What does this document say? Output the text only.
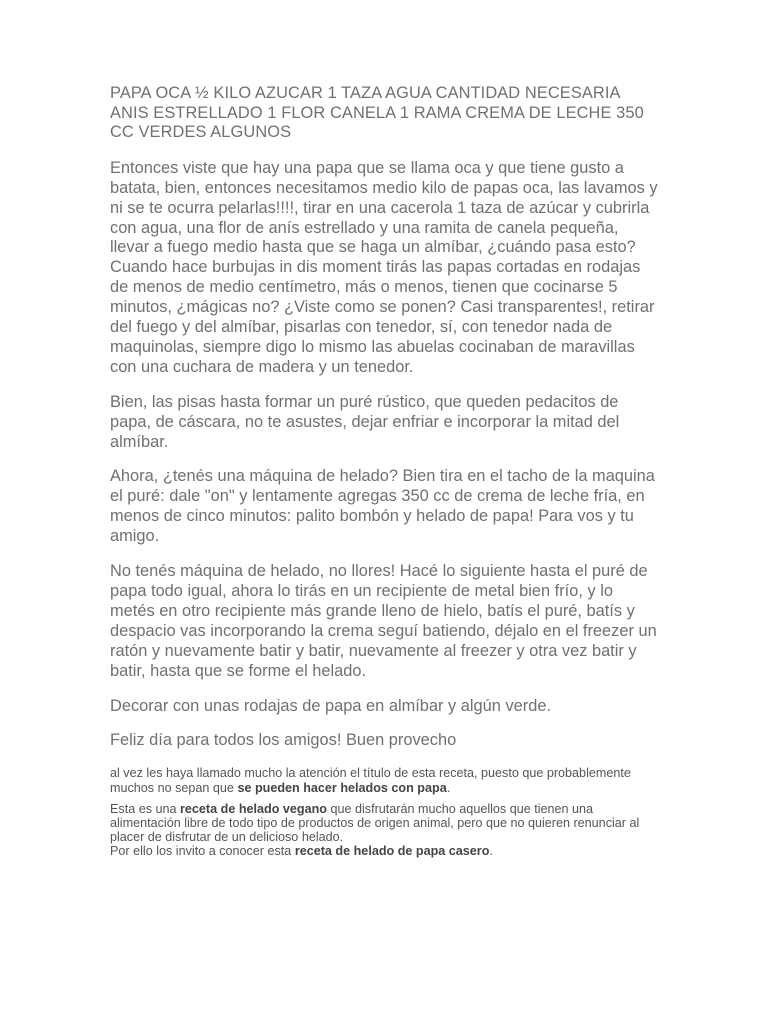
PAPA OCA ½ KILO AZUCAR 1 TAZA AGUA CANTIDAD NECESARIA ANIS ESTRELLADO 1 FLOR CANELA 1 RAMA CREMA DE LECHE 350 CC VERDES ALGUNOS

Entonces viste que hay una papa que se llama oca y que tiene gusto a batata, bien, entonces necesitamos medio kilo de papas oca, las lavamos y ni se te ocurra pelarlas!!!!, tirar en una cacerola 1 taza de azúcar y cubrirla con agua, una flor de anís estrellado y una ramita de canela pequeña, llevar a fuego medio hasta que se haga un almíbar, ¿cuándo pasa esto? Cuando hace burbujas in dis moment tirás las papas cortadas en rodajas de menos de medio centímetro, más o menos, tienen que cocinarse 5 minutos, ¿mágicas no? ¿Viste como se ponen? Casi transparentes!, retirar del fuego y del almíbar, pisarlas con tenedor, sí, con tenedor nada de maquinolas, siempre digo lo mismo las abuelas cocinaban de maravillas con una cuchara de madera y un tenedor.

Bien, las pisas hasta formar un puré rústico, que queden pedacitos de papa, de cáscara, no te asustes, dejar enfriar e incorporar la mitad del almíbar.

Ahora, ¿tenés una máquina de helado? Bien tira en el tacho de la maquina el puré: dale "on" y lentamente agregas 350 cc de crema de leche fría, en menos de cinco minutos: palito bombón y helado de papa! Para vos y tu amigo.

No tenés máquina de helado, no llores! Hacé lo siguiente hasta el puré de papa todo igual, ahora lo tirás en un recipiente de metal bien frío, y lo metés en otro recipiente más grande lleno de hielo, batís el puré, batís y despacio vas incorporando la crema seguí batiendo, déjalo en el freezer un ratón y nuevamente batir y batir, nuevamente al freezer y otra vez batir y batir, hasta que se forme el helado.

Decorar con unas rodajas de papa en almíbar y algún verde.

Feliz día para todos los amigos! Buen provecho

al vez les haya llamado mucho la atención el título de esta receta, puesto que probablemente muchos no sepan que se pueden hacer helados con papa.

Esta es una receta de helado vegano que disfrutarán mucho aquellos que tienen una alimentación libre de todo tipo de productos de origen animal, pero que no quieren renunciar al placer de disfrutar de un delicioso helado.
Por ello los invito a conocer esta receta de helado de papa casero.
